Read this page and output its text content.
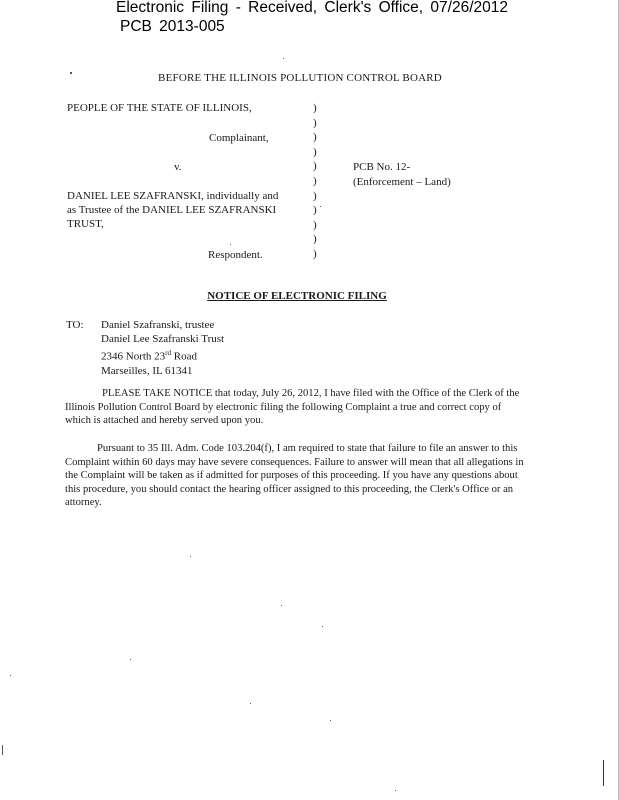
Electronic Filing - Received, Clerk's Office, 07/26/2012
PCB 2013-005
BEFORE THE ILLINOIS POLLUTION CONTROL BOARD
PEOPLE OF THE STATE OF ILLINOIS,
Complainant,
v.	PCB No. 12-
(Enforcement – Land)
DANIEL LEE SZAFRANSKI, individually and
as Trustee of the DANIEL LEE SZAFRANSKI
TRUST,
Respondent.
)
)
)
)
)
)
)
)
)
)
)
NOTICE OF ELECTRONIC FILING
TO: Daniel Szafranski, trustee
Daniel Lee Szafranski Trust
2346 North 23rd Road
Marseilles, IL 61341

PLEASE TAKE NOTICE that today, July 26, 2012, I have filed with the Office of the Clerk of the Illinois Pollution Control Board by electronic filing the following Complaint a true and correct copy of which is attached and hereby served upon you.

Pursuant to 35 Ill. Adm. Code 103.204(f), I am required to state that failure to file an answer to this Complaint within 60 days may have severe consequences. Failure to answer will mean that all allegations in the Complaint will be taken as if admitted for purposes of this proceeding. If you have any questions about this procedure, you should contact the hearing officer assigned to this proceeding, the Clerk's Office or an attorney.
